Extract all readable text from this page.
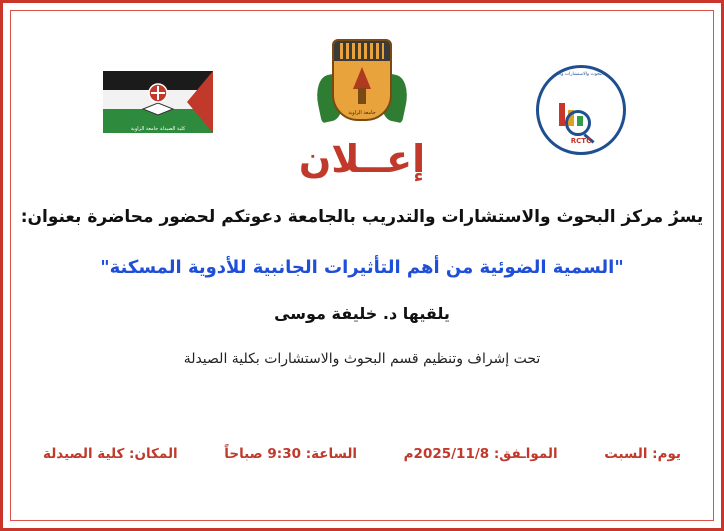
كلية الصيدلة جامعة الزاوية
جامعة الزاوية
مركز البحوث والاستشارات والتدريب
RCTC
إعــلان
يسرُ مركز البحوث والاستشارات والتدريب بالجامعة دعوتكم لحضور محاضرة بعنوان:
"السمية الضوئية من أهم التأثيرات الجانبية للأدوية المسكنة"
يلقيها د. خليفة موسى
تحت إشراف وتنظيم قسم البحوث والاستشارات بكلية الصيدلة
يوم: السبت
المواـفق: 2025/11/8م
الساعة: 9:30 صباحاً
المكان: كلية الصيدلة
